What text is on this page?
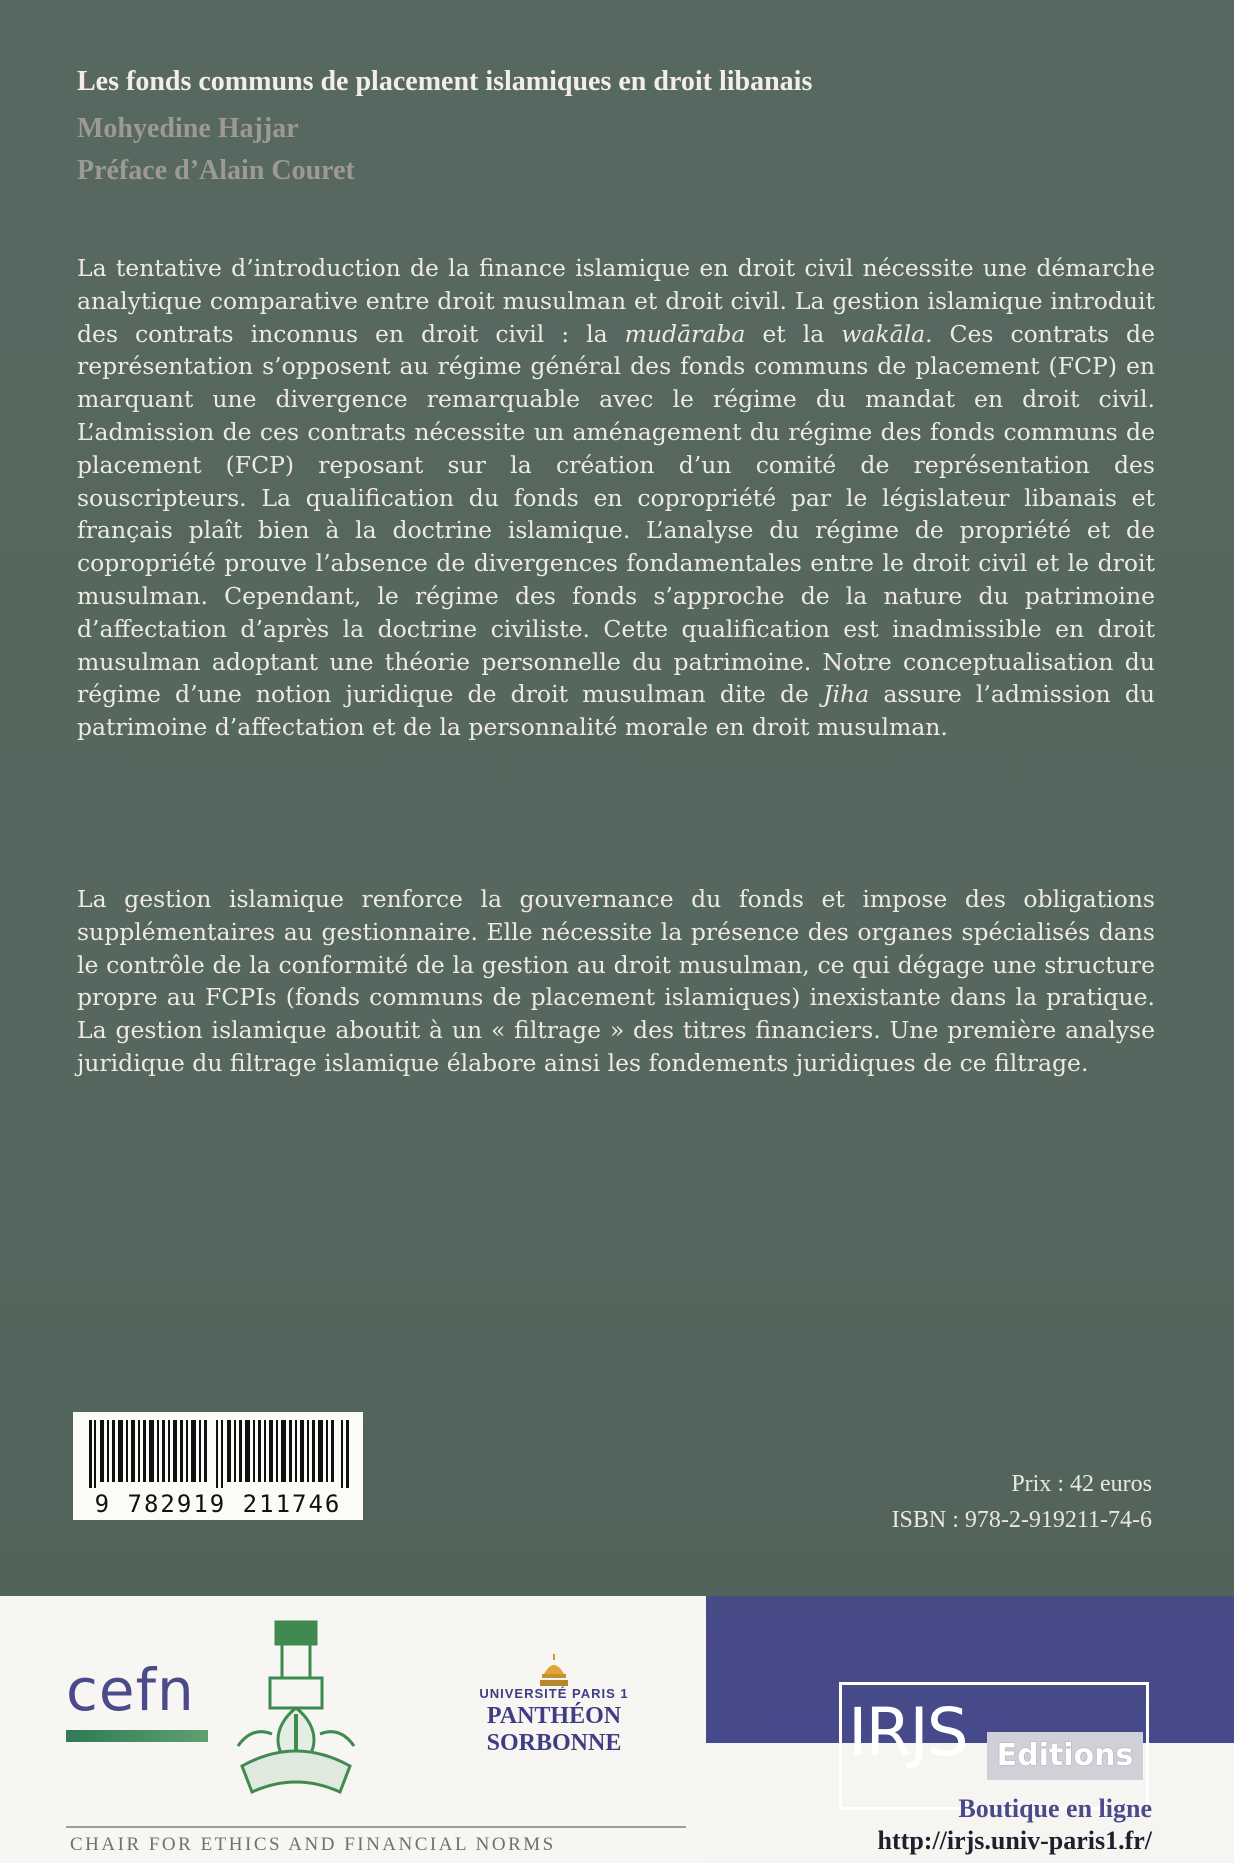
Les fonds communs de placement islamiques en droit libanais

Mohyedine Hajjar

Préface d’Alain Couret

La tentative d’introduction de la finance islamique en droit civil nécessite une démarche analytique comparative entre droit musulman et droit civil. La gestion islamique introduit des contrats inconnus en droit civil : la mudāraba et la wakāla. Ces contrats de représentation s’opposent au régime général des fonds communs de placement (FCP) en marquant une divergence remarquable avec le régime du mandat en droit civil. L’admission de ces contrats nécessite un aménagement du régime des fonds communs de placement (FCP) reposant sur la création d’un comité de représentation des souscripteurs. La qualification du fonds en copropriété par le législateur libanais et français plaît bien à la doctrine islamique. L’analyse du régime de propriété et de copropriété prouve l’absence de divergences fondamentales entre le droit civil et le droit musulman. Cependant, le régime des fonds s’approche de la nature du patrimoine d’affectation d’après la doctrine civiliste. Cette qualification est inadmissible en droit musulman adoptant une théorie personnelle du patrimoine. Notre conceptualisation du régime d’une notion juridique de droit musulman dite de Jiha assure l’admission du patrimoine d’affectation et de la personnalité morale en droit musulman.

La gestion islamique renforce la gouvernance du fonds et impose des obligations supplémentaires au gestionnaire. Elle nécessite la présence des organes spécialisés dans le contrôle de la conformité de la gestion au droit musulman, ce qui dégage une structure propre au FCPIs (fonds communs de placement islamiques) inexistante dans la pratique. La gestion islamique aboutit à un « filtrage » des titres financiers. Une première analyse juridique du filtrage islamique élabore ainsi les fondements juridiques de ce filtrage.

9 782919 211746
Prix : 42 euros
ISBN : 978-2-919211-74-6
cefn	UNIVERSITÉ PARIS 1
PANTHÉON SORBONNE
CHAIR FOR ETHICS AND FINANCIAL NORMS
IRJS Editions
Boutique en ligne
http://irjs.univ-paris1.fr/
